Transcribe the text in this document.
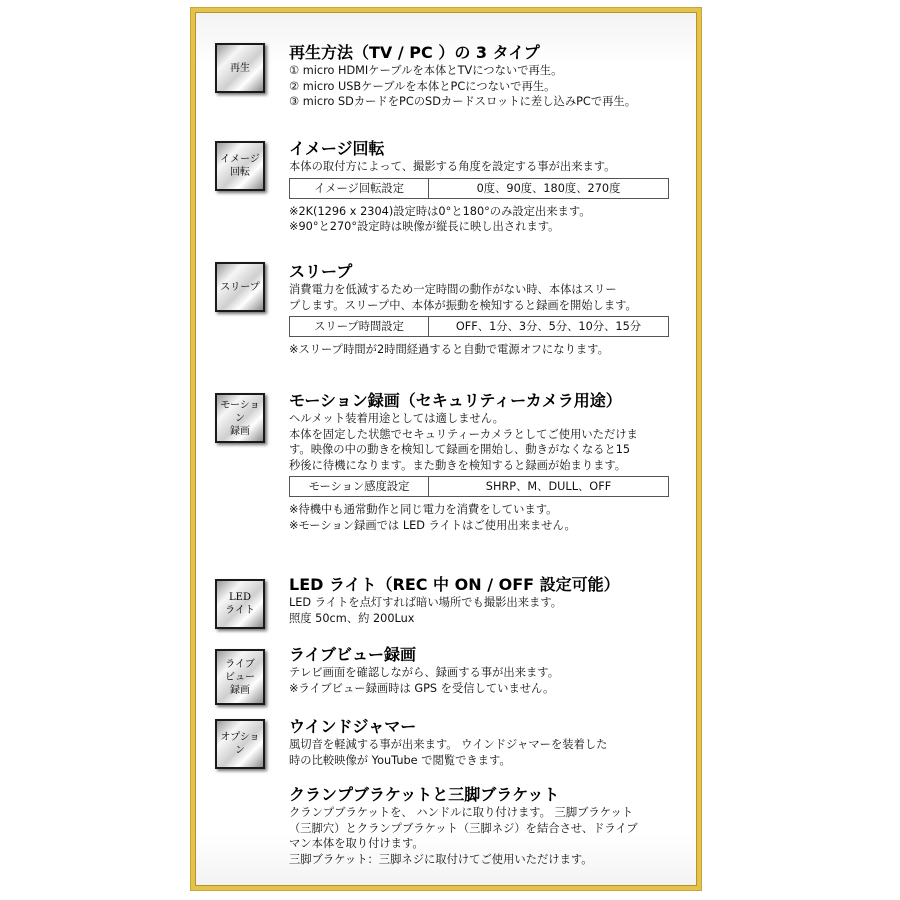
再生
再生方法（TV / PC ）の 3 タイプ
① micro HDMIケーブルを本体とTVにつないで再生。
② micro USBケーブルを本体とPCにつないで再生。
③ micro SDカードをPCのSDカードスロットに差し込みPCで再生。
イメージ
回転
イメージ回転
本体の取付方によって、撮影する角度を設定する事が出来ます。
イメージ回転設定	0度、90度、180度、270度
※2K(1296 x 2304)設定時は0°と180°のみ設定出来ます。
※90°と270°設定時は映像が縦長に映し出されます。
スリープ
スリープ
消費電力を低減するため一定時間の動作がない時、本体はスリー
プします。スリープ中、本体が振動を検知すると録画を開始します。
スリープ時間設定	OFF、1分、3分、5分、10分、15分
※スリープ時間が2時間経過すると自動で電源オフになります。
モーション
録画
モーション録画（セキュリティーカメラ用途）
ヘルメット装着用途としては適しません。
本体を固定した状態でセキュリティーカメラとしてご使用いただけま
す。映像の中の動きを検知して録画を開始し、動きがなくなると15
秒後に待機になります。また動きを検知すると録画が始まります。
モーション感度設定	SHRP、M、DULL、OFF
※待機中も通常動作と同じ電力を消費をしています。
※モーション録画では LED ライトはご使用出来ません。
LED
ライト
LED ライト（REC 中 ON / OFF 設定可能）
LED ライトを点灯すれば暗い場所でも撮影出来ます。
照度 50cm、約 200Lux
ライブ
ビュー
録画
ライブビュー録画
テレビ画面を確認しながら、録画する事が出来ます。
※ライブビュー録画時は GPS を受信していません。
オプション
ウインドジャマー
風切音を軽減する事が出来ます。 ウインドジャマーを装着した
時の比較映像が YouTube で閲覧できます。
クランプブラケットと三脚ブラケット
クランプブラケットを、 ハンドルに取り付けます。 三脚ブラケット
（三脚穴）とクランプブラケット（三脚ネジ）を結合させ、ドライブ
マン本体を取り付けます。
三脚ブラケット：三脚ネジに取付けてご使用いただけます。
